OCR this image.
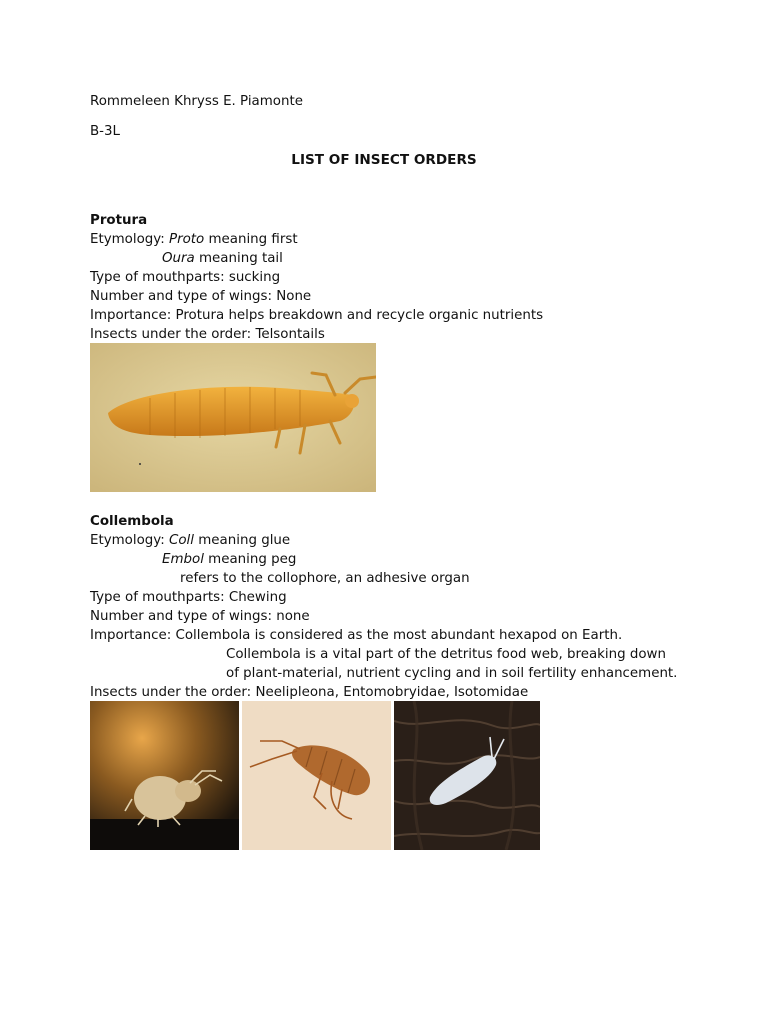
Rommeleen Khryss E. Piamonte
B-3L
LIST OF INSECT ORDERS
Protura
Etymology: Proto meaning first
Oura meaning tail
Type of mouthparts: sucking
Number and type of wings: None
Importance: Protura helps breakdown and recycle organic nutrients
Insects under the order: Telsontails
Collembola
Etymology: Coll meaning glue
Embol meaning peg
refers to the collophore, an adhesive organ
Type of mouthparts: Chewing
Number and type of wings: none
Importance: Collembola is considered as the most abundant hexapod on Earth.
Collembola is a vital part of the detritus food web, breaking down
of plant-material, nutrient cycling and in soil fertility enhancement.
Insects under the order: Neelipleona, Entomobryidae, Isotomidae
